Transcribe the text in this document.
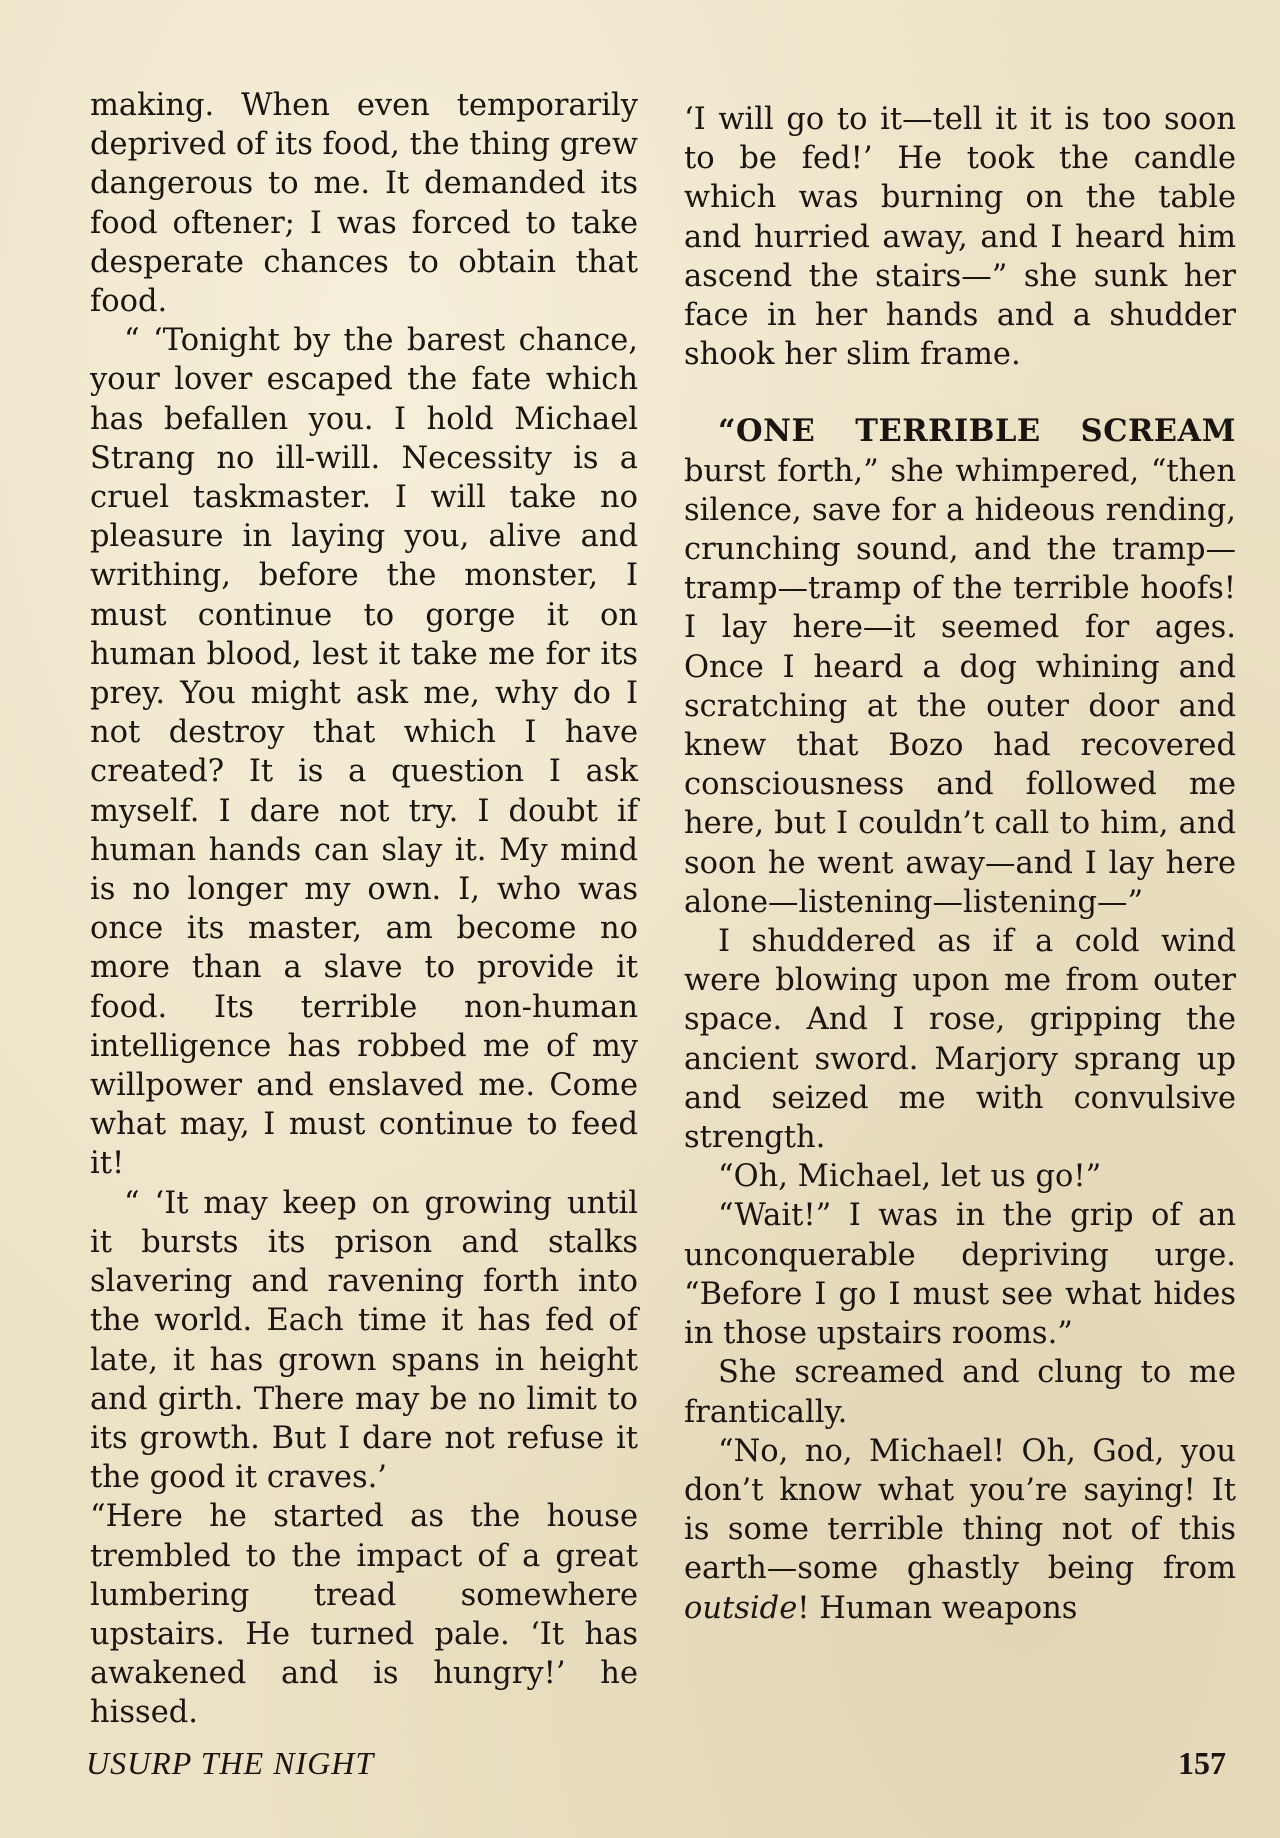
making. When even temporarily deprived of its food, the thing grew dangerous to me. It demanded its food oftener; I was forced to take desperate chances to obtain that food.

“ ‘Tonight by the barest chance, your lover escaped the fate which has befallen you. I hold Michael Strang no ill-will. Necessity is a cruel taskmaster. I will take no pleasure in laying you, alive and writhing, before the monster, I must continue to gorge it on human blood, lest it take me for its prey. You might ask me, why do I not destroy that which I have created? It is a question I ask myself. I dare not try. I doubt if human hands can slay it. My mind is no longer my own. I, who was once its master, am become no more than a slave to provide it food. Its terrible non-human intelligence has robbed me of my willpower and enslaved me. Come what may, I must continue to feed it!

“ ‘It may keep on growing until it bursts its prison and stalks slavering and ravening forth into the world. Each time it has fed of late, it has grown spans in height and girth. There may be no limit to its growth. But I dare not refuse it the good it craves.’

“Here he started as the house trembled to the impact of a great lumbering tread somewhere upstairs. He turned pale. ‘It has awakened and is hungry!’ he hissed.

‘I will go to it—tell it it is too soon to be fed!’ He took the candle which was burning on the table and hurried away, and I heard him ascend the stairs—” she sunk her face in her hands and a shudder shook her slim frame.

“ONE TERRIBLE SCREAM burst forth,” she whimpered, “then silence, save for a hideous rending, crunching sound, and the tramp—tramp—tramp of the terrible hoofs! I lay here—it seemed for ages. Once I heard a dog whining and scratching at the outer door and knew that Bozo had recovered consciousness and followed me here, but I couldn’t call to him, and soon he went away—and I lay here alone—listening—listening—”

I shuddered as if a cold wind were blowing upon me from outer space. And I rose, gripping the ancient sword. Marjory sprang up and seized me with convulsive strength.

“Oh, Michael, let us go!”

“Wait!” I was in the grip of an unconquerable depriving urge. “Before I go I must see what hides in those upstairs rooms.”

She screamed and clung to me frantically.

“No, no, Michael! Oh, God, you don’t know what you’re saying! It is some terrible thing not of this earth—some ghastly being from outside! Human weapons

USURP THE NIGHT	157
